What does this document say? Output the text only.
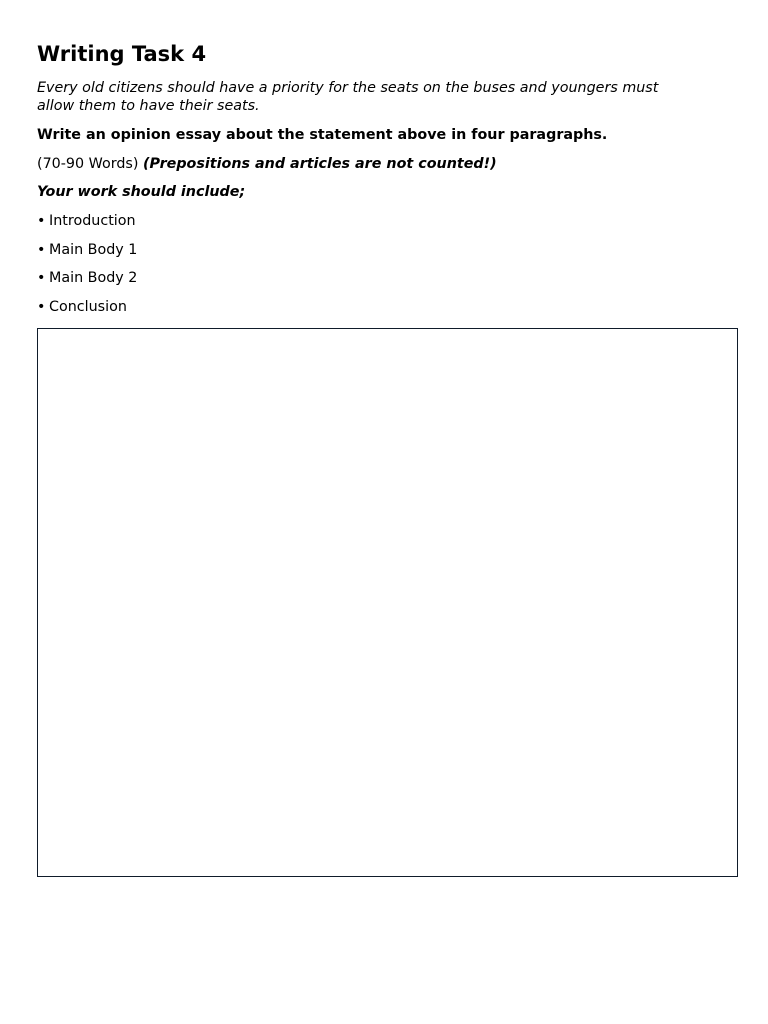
Writing Task 4

Every old citizens should have a priority for the seats on the buses and youngers must allow them to have their seats.

Write an opinion essay about the statement above in four paragraphs.

(70-90 Words) (Prepositions and articles are not counted!)

Your work should include;

• Introduction
• Main Body 1
• Main Body 2
• Conclusion
